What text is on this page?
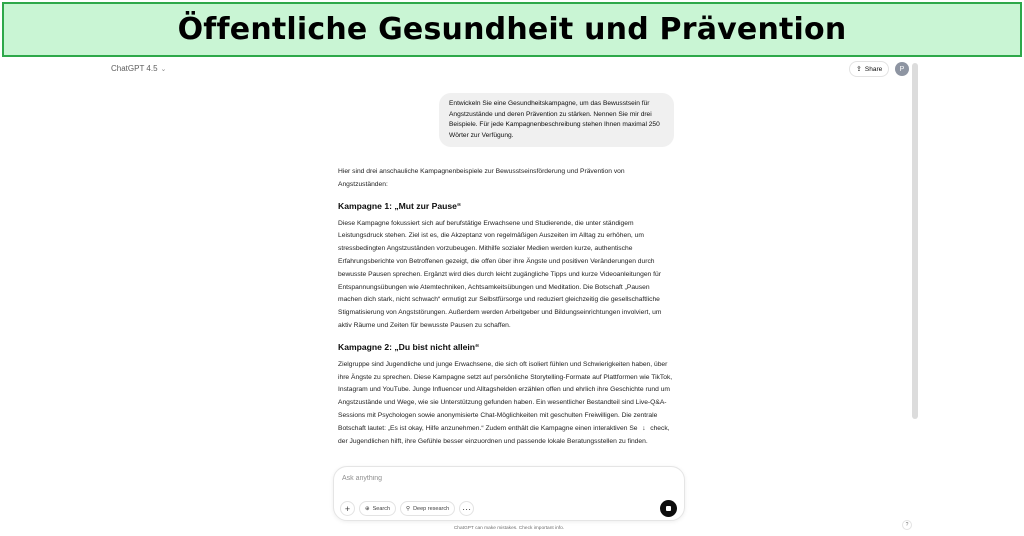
Öffentliche Gesundheit und Prävention
ChatGPT 4.5 ⌄	⇪ Share	P
Entwickeln Sie eine Gesundheitskampagne, um das Bewusstsein für Angstzustände und deren Prävention zu stärken. Nennen Sie mir drei Beispiele. Für jede Kampagnenbeschreibung stehen Ihnen maximal 250 Wörter zur Verfügung.

Hier sind drei anschauliche Kampagnenbeispiele zur Bewusstseinsförderung und Prävention von Angstzuständen:

Kampagne 1: „Mut zur Pause“

Diese Kampagne fokussiert sich auf berufstätige Erwachsene und Studierende, die unter ständigem Leistungsdruck stehen. Ziel ist es, die Akzeptanz von regelmäßigen Auszeiten im Alltag zu erhöhen, um stressbedingten Angstzuständen vorzubeugen. Mithilfe sozialer Medien werden kurze, authentische Erfahrungsberichte von Betroffenen gezeigt, die offen über ihre Ängste und positiven Veränderungen durch bewusste Pausen sprechen. Ergänzt wird dies durch leicht zugängliche Tipps und kurze Videoanleitungen für Entspannungsübungen wie Atemtechniken, Achtsamkeitsübungen und Meditation. Die Botschaft „Pausen machen dich stark, nicht schwach“ ermutigt zur Selbstfürsorge und reduziert gleichzeitig die gesellschaftliche Stigmatisierung von Angststörungen. Außerdem werden Arbeitgeber und Bildungseinrichtungen involviert, um aktiv Räume und Zeiten für bewusste Pausen zu schaffen.

Kampagne 2: „Du bist nicht allein“

Zielgruppe sind Jugendliche und junge Erwachsene, die sich oft isoliert fühlen und Schwierigkeiten haben, über ihre Ängste zu sprechen. Diese Kampagne setzt auf persönliche Storytelling-Formate auf Plattformen wie TikTok, Instagram und YouTube. Junge Influencer und Alltagshelden erzählen offen und ehrlich ihre Geschichte rund um Angstzustände und Wege, wie sie Unterstützung gefunden haben. Ein wesentlicher Bestandteil sind Live-Q&A-Sessions mit Psychologen sowie anonymisierte Chat-Möglichkeiten mit geschulten Freiwilligen. Die zentrale Botschaft lautet: „Es ist okay, Hilfe anzunehmen.“ Zudem enthält die Kampagne einen interaktiven Se ↓ check, der Jugendlichen hilft, ihre Gefühle besser einzuordnen und passende lokale Beratungsstellen zu finden.

Ask anything
+	⊕ Search	⚲ Deep research	···
ChatGPT can make mistakes. Check important info.
?
